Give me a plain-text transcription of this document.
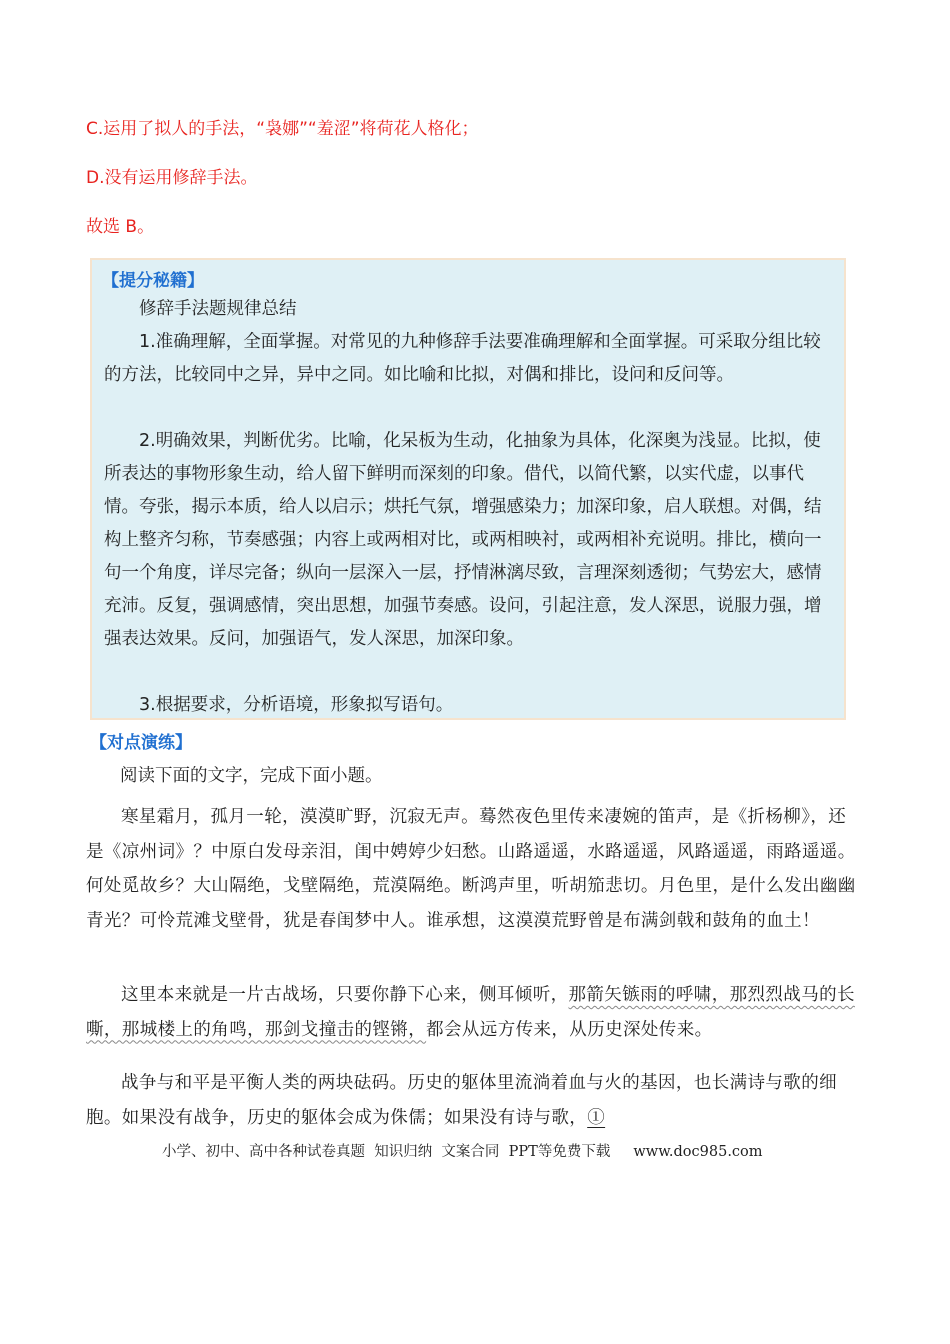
C.运用了拟人的手法，“袅娜”“羞涩”将荷花人格化；
D.没有运用修辞手法。
故选 B。
【提分秘籍】
修辞手法题规律总结
1.准确理解，全面掌握。对常见的九种修辞手法要准确理解和全面掌握。可采取分组比较的方法，比较同中之异，异中之同。如比喻和比拟，对偶和排比，设问和反问等。
2.明确效果，判断优劣。比喻，化呆板为生动，化抽象为具体，化深奥为浅显。比拟，使所表达的事物形象生动，给人留下鲜明而深刻的印象。借代，以简代繁，以实代虚，以事代情。夸张，揭示本质，给人以启示；烘托气氛，增强感染力；加深印象，启人联想。对偶，结构上整齐匀称，节奏感强；内容上或两相对比，或两相映衬，或两相补充说明。排比，横向一句一个角度，详尽完备；纵向一层深入一层，抒情淋漓尽致，言理深刻透彻；气势宏大，感情充沛。反复，强调感情，突出思想，加强节奏感。设问，引起注意，发人深思，说服力强，增强表达效果。反问，加强语气，发人深思，加深印象。
3.根据要求，分析语境，形象拟写语句。
【对点演练】
阅读下面的文字，完成下面小题。
寒星霜月，孤月一轮，漠漠旷野，沉寂无声。蓦然夜色里传来凄婉的笛声，是《折杨柳》，还是《凉州词》？中原白发母亲泪，闺中娉婷少妇愁。山路遥遥，水路遥遥，风路遥遥，雨路遥遥。何处觅故乡？大山隔绝，戈壁隔绝，荒漠隔绝。断鸿声里，听胡笳悲切。月色里，是什么发出幽幽青光？可怜荒滩戈壁骨，犹是春闺梦中人。谁承想，这漠漠荒野曾是布满剑戟和鼓角的血土！
这里本来就是一片古战场，只要你静下心来，侧耳倾听，那箭矢镞雨的呼啸，那烈烈战马的长嘶，那城楼上的角鸣，那剑戈撞击的铿锵，都会从远方传来，从历史深处传来。
战争与和平是平衡人类的两块砝码。历史的躯体里流淌着血与火的基因，也长满诗与歌的细胞。如果没有战争，历史的躯体会成为侏儒；如果没有诗与歌，①
小学、初中、高中各种试卷真题  知识归纳  文案合同  PPT等免费下载     www.doc985.com
